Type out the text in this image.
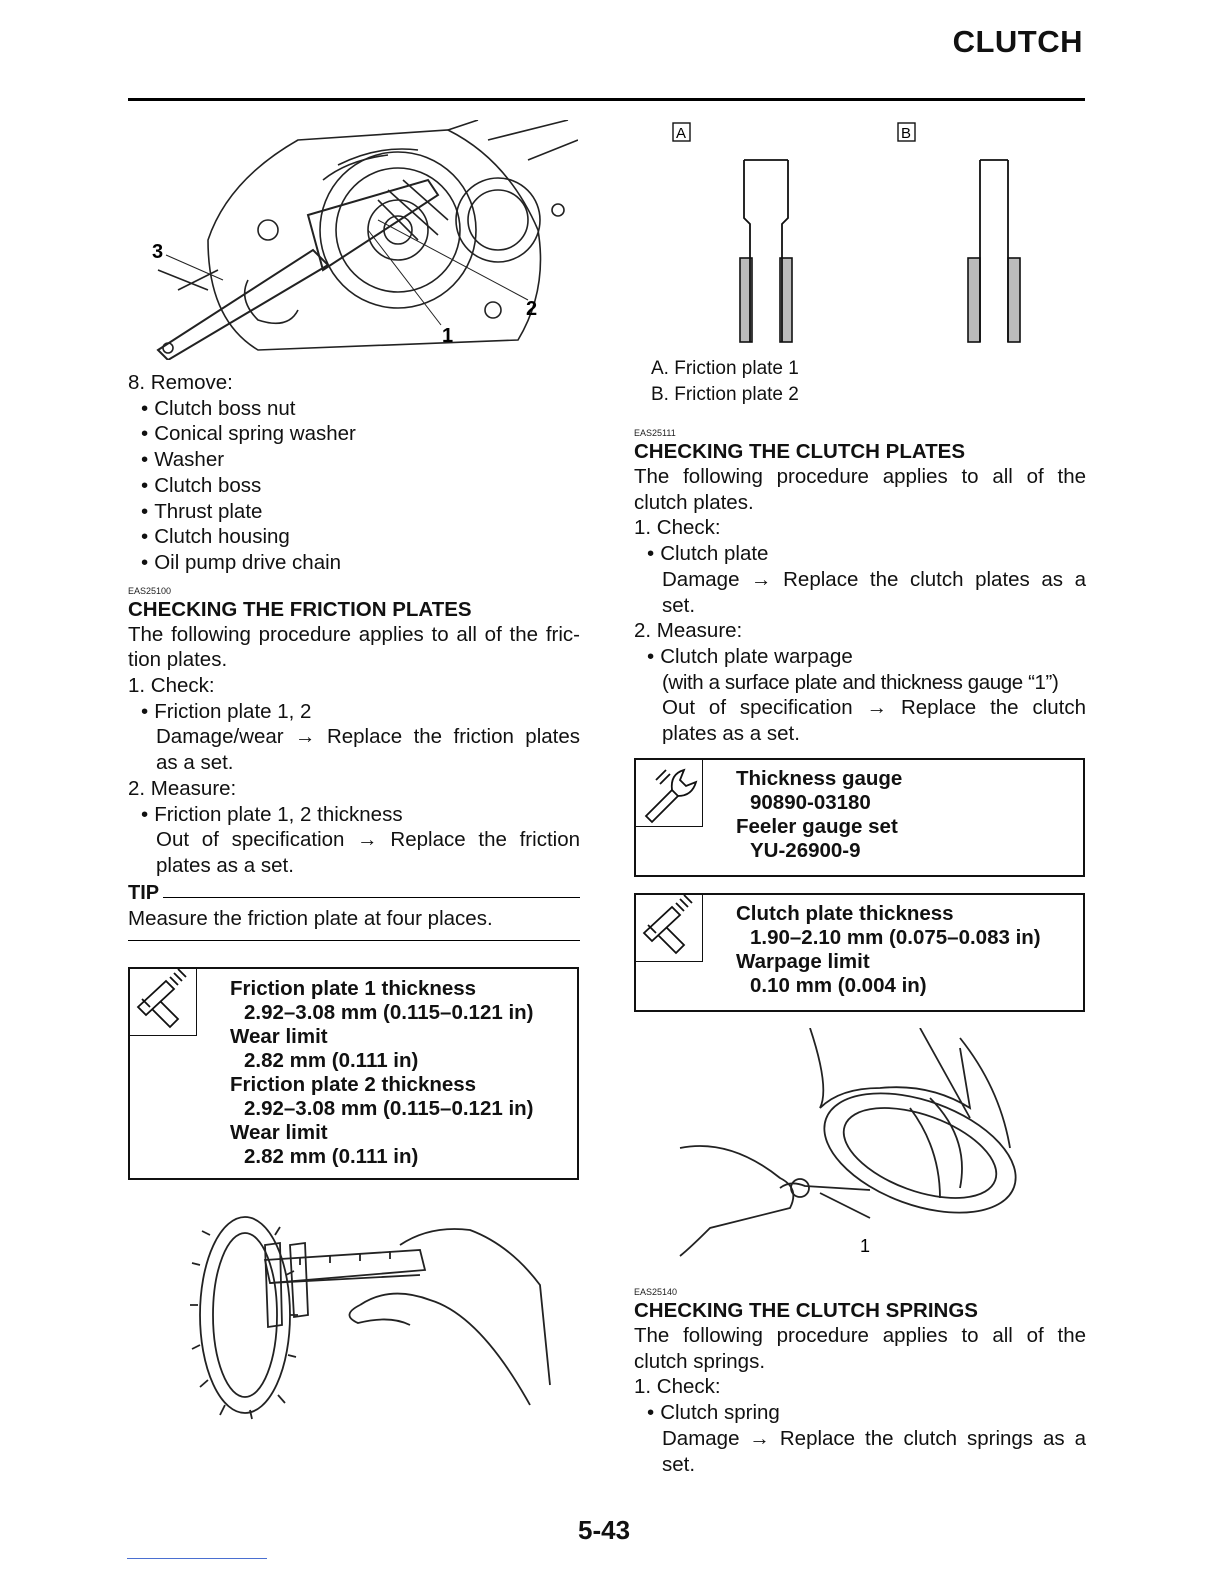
CLUTCH
3
2
1

8. Remove:

• Clutch boss nut

• Conical spring washer

• Washer

• Clutch boss

• Thrust plate

• Clutch housing

• Oil pump drive chain

EAS25100

CHECKING THE FRICTION PLATES

The following procedure applies to all of the fric-

tion plates.

1. Check:

• Friction plate 1, 2

Damage/wear → Replace the friction plates

as a set.

2. Measure:

• Friction plate 1, 2 thickness

Out of specification → Replace the friction

plates as a set.

TIP

Measure the friction plate at four places.

Friction plate 1 thickness
2.92–3.08 mm (0.115–0.121 in)
Wear limit
2.82 mm (0.111 in)
Friction plate 2 thickness
2.92–3.08 mm (0.115–0.121 in)
Wear limit
2.82 mm (0.111 in)
A	B
A. Friction plate 1
B. Friction plate 2

EAS25111

CHECKING THE CLUTCH PLATES

The following procedure applies to all of the

clutch plates.

1. Check:

• Clutch plate

Damage → Replace the clutch plates as a

set.

2. Measure:

• Clutch plate warpage

(with a surface plate and thickness gauge “1”)

Out of specification → Replace the clutch

plates as a set.

Thickness gauge
90890-03180
Feeler gauge set
YU-26900-9
Clutch plate thickness
1.90–2.10 mm (0.075–0.083 in)
Warpage limit
0.10 mm (0.004 in)
1

EAS25140

CHECKING THE CLUTCH SPRINGS

The following procedure applies to all of the

clutch springs.

1. Check:

• Clutch spring

Damage → Replace the clutch springs as a

set.

5-43
